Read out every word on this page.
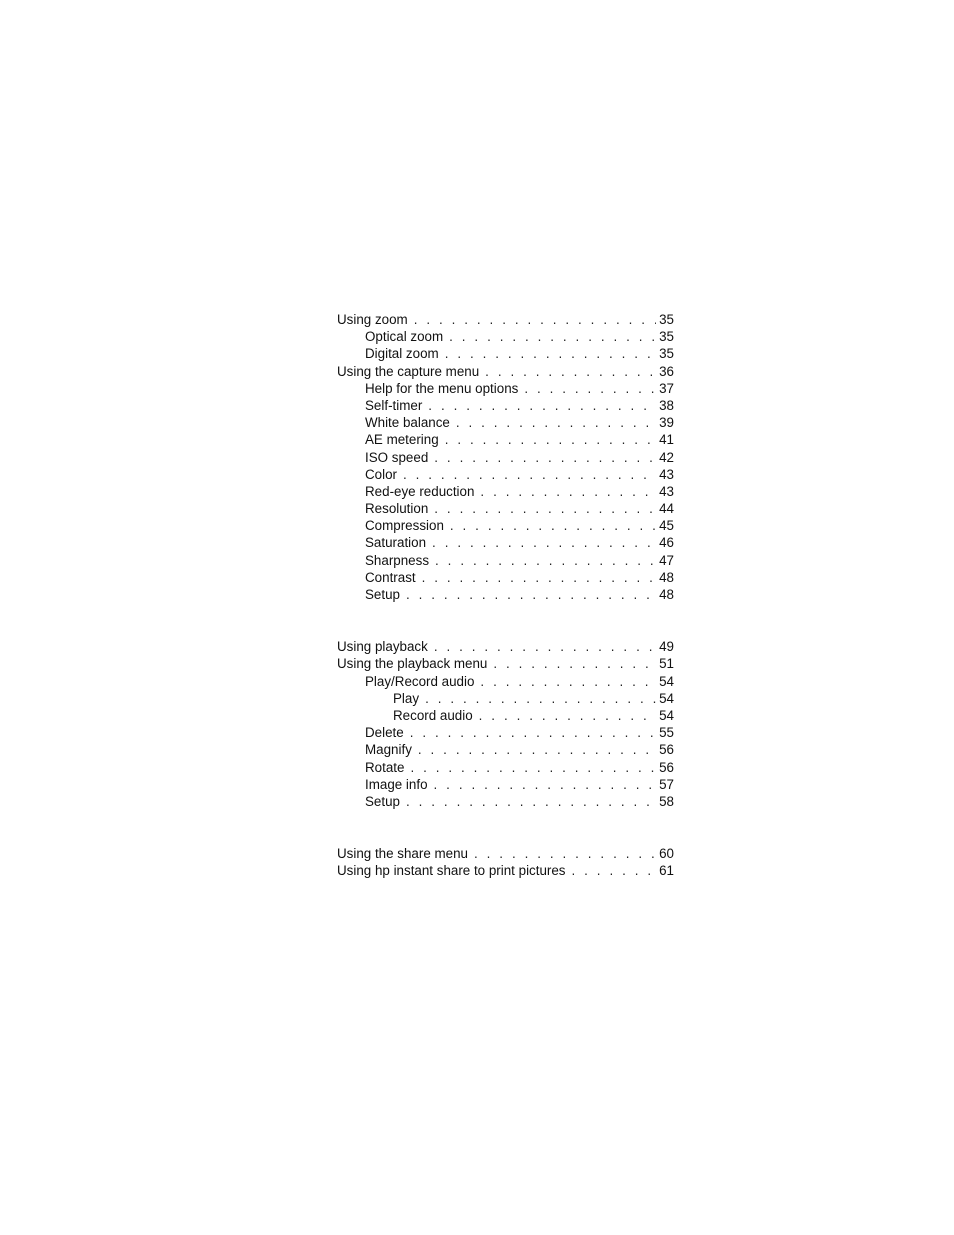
Using zoom . . .	35
Optical zoom . . .	35
Digital zoom . . .	35
Using the capture menu . . .	36
Help for the menu options . . .	37
Self-timer . . .	38
White balance . . .	39
AE metering . . .	41
ISO speed . . .	42
Color . . .	43
Red-eye reduction . . .	43
Resolution . . .	44
Compression . . .	45
Saturation . . .	46
Sharpness . . .	47
Contrast . . .	48
Setup . . .	48
Using playback . . .	49
Using the playback menu . . .	51
Play/Record audio . . .	54
Play . . .	54
Record audio . . .	54
Delete . . .	55
Magnify . . .	56
Rotate . . .	56
Image info . . .	57
Setup . . .	58
Using the share menu . . .	60
Using hp instant share to print pictures . . .	61
